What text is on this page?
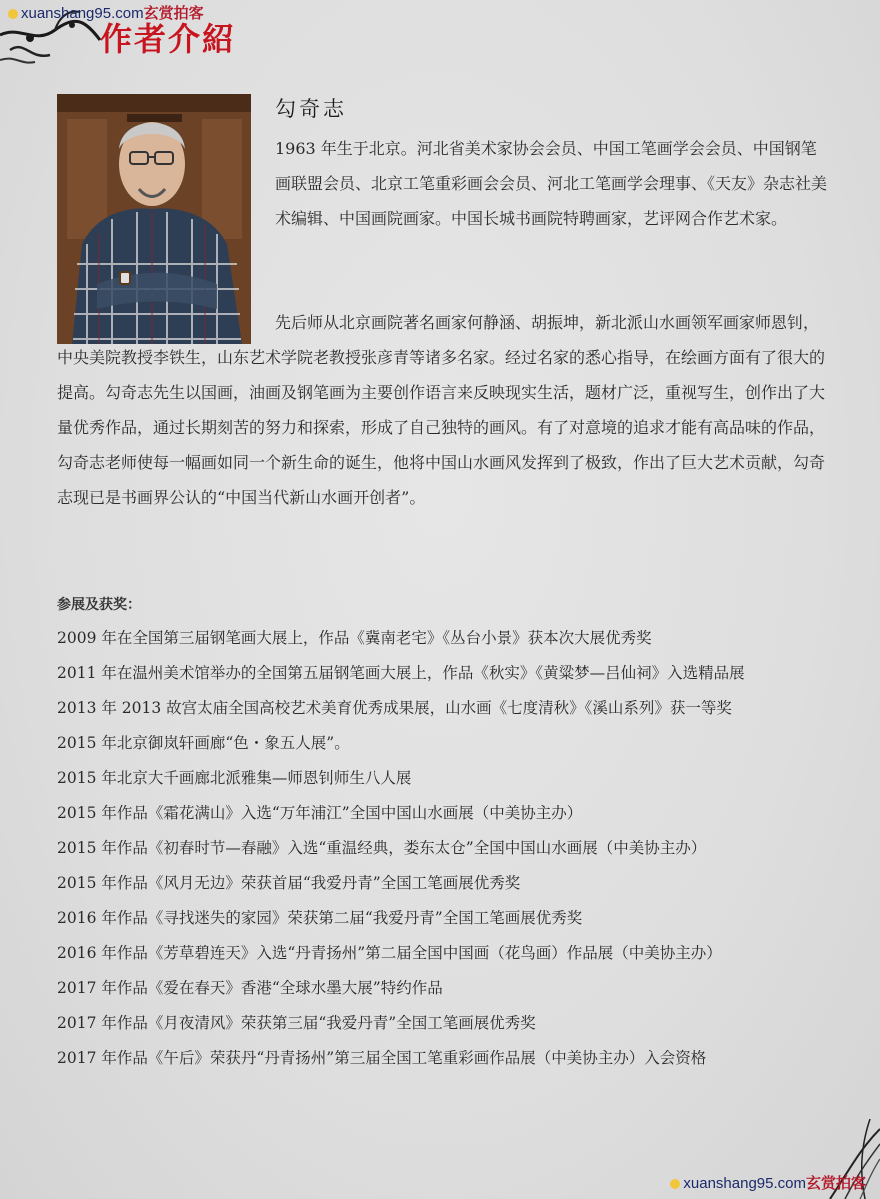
xuanshang95.com玄赏拍客
作者介紹
勾奇志

1963 年生于北京。河北省美术家协会会员、中国工笔画学会会员、中国钢笔画联盟会员、北京工笔重彩画会会员、河北工笔画学会理事、《天友》杂志社美术编辑、中国画院画家。中国长城书画院特聘画家，艺评网合作艺术家。

先后师从北京画院著名画家何静涵、胡振坤，新北派山水画领军画家师恩钊，中央美院教授李铁生，山东艺术学院老教授张彦青等诸多名家。经过名家的悉心指导，在绘画方面有了很大的提高。勾奇志先生以国画，油画及钢笔画为主要创作语言来反映现实生活，题材广泛，重视写生，创作出了大量优秀作品，通过长期刻苦的努力和探索，形成了自己独特的画风。有了对意境的追求才能有高品味的作品，勾奇志老师使每一幅画如同一个新生命的诞生，他将中国山水画风发挥到了极致，作出了巨大艺术贡献，勾奇志现已是书画界公认的“中国当代新山水画开创者”。

参展及获奖：
2009 年在全国第三届钢笔画大展上，作品《冀南老宅》《丛台小景》获本次大展优秀奖
2011 年在温州美术馆举办的全国第五届钢笔画大展上，作品《秋实》《黄粱梦—吕仙祠》入选精品展
2013 年 2013 故宫太庙全国高校艺术美育优秀成果展，山水画《七度清秋》《溪山系列》获一等奖
2015 年北京御岚轩画廊“色・象五人展”。
2015 年北京大千画廊北派雅集—师恩钊师生八人展
2015 年作品《霜花满山》入选“万年浦江”全国中国山水画展（中美协主办）
2015 年作品《初春时节—春融》入选“重温经典，娄东太仓”全国中国山水画展（中美协主办）
2015 年作品《风月无边》荣获首届“我爱丹青”全国工笔画展优秀奖
2016 年作品《寻找迷失的家园》荣获第二届“我爱丹青”全国工笔画展优秀奖
2016 年作品《芳草碧连天》入选“丹青扬州”第二届全国中国画（花鸟画）作品展（中美协主办）
2017 年作品《爱在春天》香港“全球水墨大展”特约作品
2017 年作品《月夜清风》荣获第三届“我爱丹青”全国工笔画展优秀奖
2017 年作品《午后》荣获丹“丹青扬州”第三届全国工笔重彩画作品展（中美协主办）入会资格
xuanshang95.com玄赏拍客
